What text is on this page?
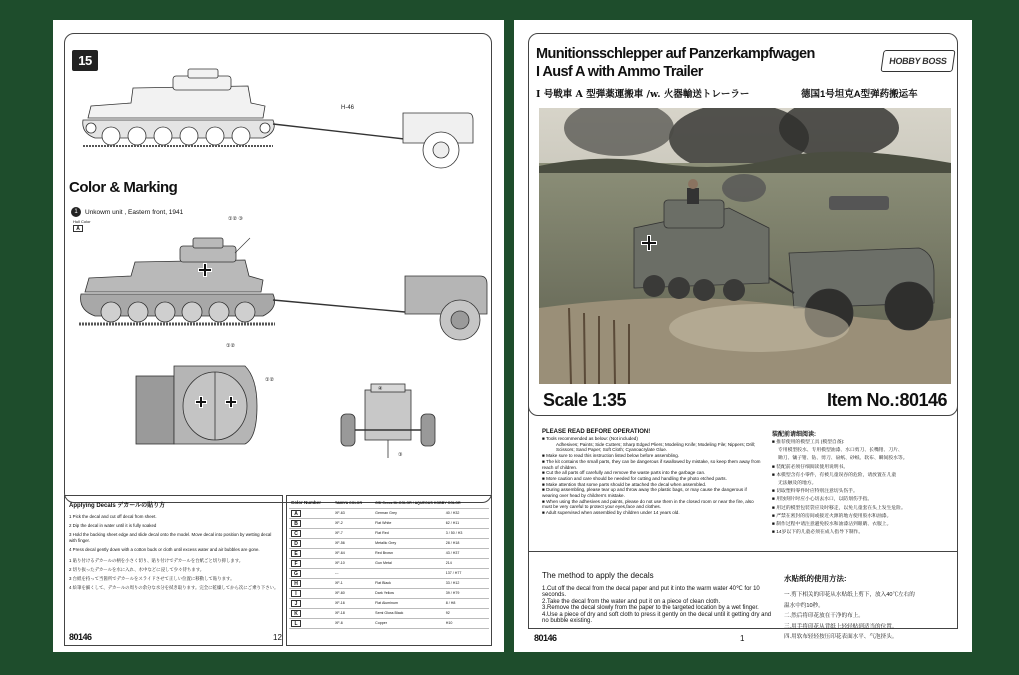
15
H-46
Color & Marking
1	Unkowm unit , Eastern front, 1941
Hull Color
A
①② ③
①②
①②
④
③
Applying Decals デカールの貼り方
1 Pick the decal and cut off decal from sheet.
2 Dip the decal in water until it is fully soaked
3 Hold the backing sheet edge and slide decal onto the model. Move decal into position by wetting decal with finger.
4 Press decal gently down with a cotton buds or cloth until excess water and air bubbles are gone.
1 貼り付けるデカールの柄を小さく切り、貼り付けでデカールを台紙ごと切り抑します。
2 切り抜ったデカールを水に入れ、水中などに浸して少々待ちます。
3 台紙を持って当箇所でデカールをスライドさせて正しい位置に移動して貼ります。
4 絵筆を細くして、デカールの周りの余分な水分を拭き取ります。完全に乾燥してから次にご乗り下さい。
Color Number	TAMIYA COLOR	GSI Creos Mr.COLOR / AQUEOUS HOBBY COLOR	
A	XF-63	German Grey	40 / H32
B	XF-2	Flat White	62 / H11
C	XF-7	Flat Red	3 / 50 / H3
D	XF-56	Metallic Grey	28 / H18
E	XF-64	Red Brown	43 / H37
F	XF-10	Gun Metal	214
G	---		137 / H77
H	XF-1	Flat Black	33 / H12
I	XF-60	Dark Yellow	39 / H79
J	XF-16	Flat Aluminum	8 / H8
K	XF-18	Semi Gloss Black	92
L	XF-6	Copper	H10
80146	12
Munitionsschlepper auf Panzerkampfwagen
I Ausf A with Ammo Trailer
HOBBY BOSS
I 号戦車 A 型弾薬運搬車 /w. 火器輸送トレーラー	德国1号坦克A型弹药搬运车
Scale 1:35	Item No.:80146
PLEASE READ BEFORE OPERATION!
■ Tools recommended as below: (Not included)
Adhesives; Paints; Side Cutters; Sharp Edged Pliers; Modeling Knife; Modeling File; Nippers; Drill; Scissors; Sand Paper; Soft Cloth; Cyanoacrylate Glue.
■ Make sure to read this instruction listed below before assembling.
■ The kit contains the small parts, they can be dangerous if swallowed by mistake, so keep them away from reach of children.
■ Cut the all parts off carefully and remove the waste parts into the garbage can.
■ More caution and care should be needed for cutting and handling the photo etched parts.
■ Make attention that some parts should be attached the decal when assembled.
■ During assembling, please tear up and throw away the plastic bags, or may cause the dangerous if wearing over head by children's mistake.
■ When using the adhesives and paints, please do not use them in the closed room or near the fire, also must be very careful to protect your eyes,face and clothes.
■ Adult supervised when assembled by children under 14 years old.
装配前请细阅读:
■ 推荐使用的模型工具 (模型自备):
专用模型胶水、专用模型油漆、水口剪刀、长嘴钳、刀片、
锄刀、镶子钳、钻、剪刀、砏纸、砂纸、软布、瞬间胶水等。
■ 装配前必须仔细阅读使用说明书。
■ 本模型含有小零件，有被儿童误吞的危险，请放置在儿童
无法触及的地方。
■ 切取塑料零件时应特别注意切头伤手。
■ 用蚀刻片时应小心切去水口，以防划伤手指。
■ 用过的模型包装袋应及时移走，以免儿童套在头上发生危险。
■ 严禁在密封的房间或接近火源的地方使用胶水和油漆。
■ 制作过程中请注意避免胶水和油漆沾到眼睛、衣服上。
■ 14岁以下的儿童必须在成人指导下制作。
The method to apply the decals
1.Cut off the decal from the decal paper and put it into the warm water 40℃ for 10 seconds.
2.Take the decal from the water and put it on a piece of clean cloth.
3.Remove the decal slowly from the paper to the targeted location by a wet finger.
4.Use a piece of dry and soft cloth to press it gently on the decal until it getting dry and no bubble existing.
水贴纸的使用方法:
一.剪下相关的印花从水贴纸上剪下，放入40℃左右的
温水中约10秒。
二.然后将印花放在干净的布上。
三.用手将印花从背纸上轻轻贴到适当的位置。
四.用软布轻轻按压印花表面水平、气泡挤头。
80146	1
